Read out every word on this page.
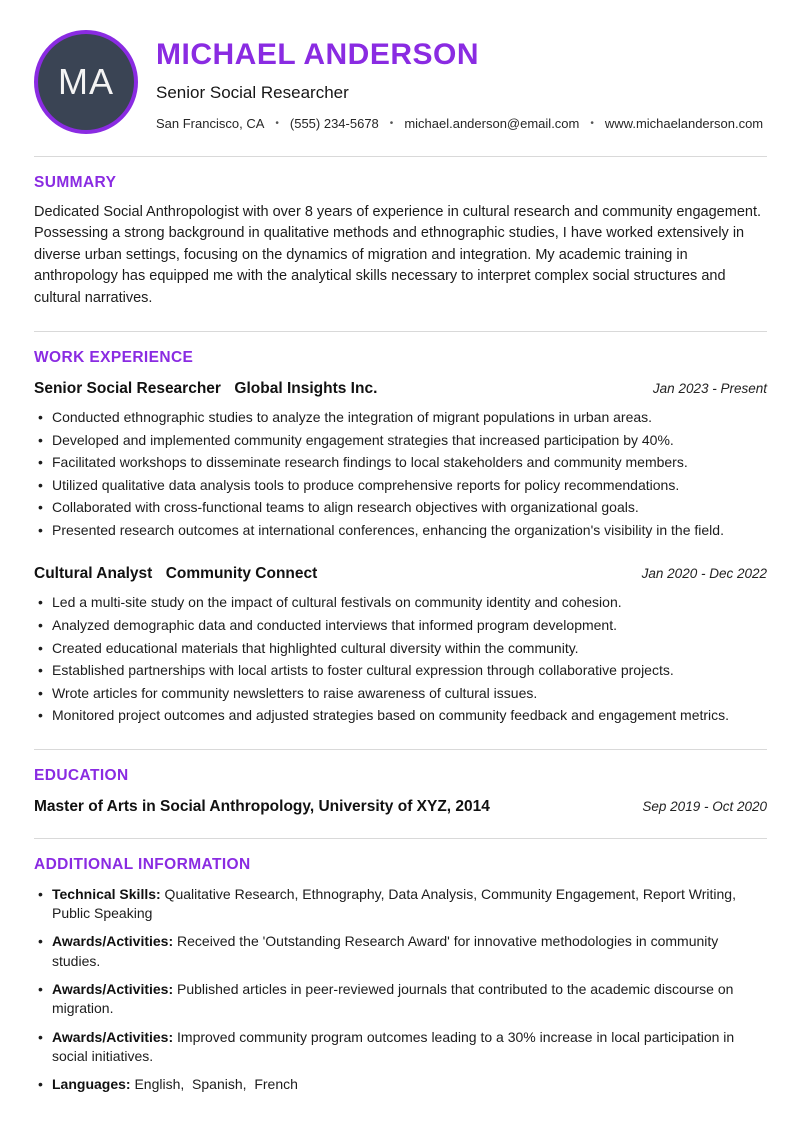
MA
MICHAEL ANDERSON
Senior Social Researcher
San Francisco, CA • (555) 234-5678 • michael.anderson@email.com • www.michaelanderson.com
SUMMARY

Dedicated Social Anthropologist with over 8 years of experience in cultural research and community engagement. Possessing a strong background in qualitative methods and ethnographic studies, I have worked extensively in diverse urban settings, focusing on the dynamics of migration and integration. My academic training in anthropology has equipped me with the analytical skills necessary to interpret complex social structures and cultural narratives.

WORK EXPERIENCE
Senior Social Researcher Global Insights Inc.	Jan 2023 - Present
• Conducted ethnographic studies to analyze the integration of migrant populations in urban areas.
• Developed and implemented community engagement strategies that increased participation by 40%.
• Facilitated workshops to disseminate research findings to local stakeholders and community members.
• Utilized qualitative data analysis tools to produce comprehensive reports for policy recommendations.
• Collaborated with cross-functional teams to align research objectives with organizational goals.
• Presented research outcomes at international conferences, enhancing the organization's visibility in the field.
Cultural Analyst Community Connect	Jan 2020 - Dec 2022
• Led a multi-site study on the impact of cultural festivals on community identity and cohesion.
• Analyzed demographic data and conducted interviews that informed program development.
• Created educational materials that highlighted cultural diversity within the community.
• Established partnerships with local artists to foster cultural expression through collaborative projects.
• Wrote articles for community newsletters to raise awareness of cultural issues.
• Monitored project outcomes and adjusted strategies based on community feedback and engagement metrics.
EDUCATION
Master of Arts in Social Anthropology, University of XYZ, 2014	Sep 2019 - Oct 2020
ADDITIONAL INFORMATION
• Technical Skills: Qualitative Research, Ethnography, Data Analysis, Community Engagement, Report Writing, Public Speaking
• Awards/Activities: Received the 'Outstanding Research Award' for innovative methodologies in community studies.
• Awards/Activities: Published articles in peer-reviewed journals that contributed to the academic discourse on migration.
• Awards/Activities: Improved community program outcomes leading to a 30% increase in local participation in social initiatives.
• Languages: English,  Spanish,  French
